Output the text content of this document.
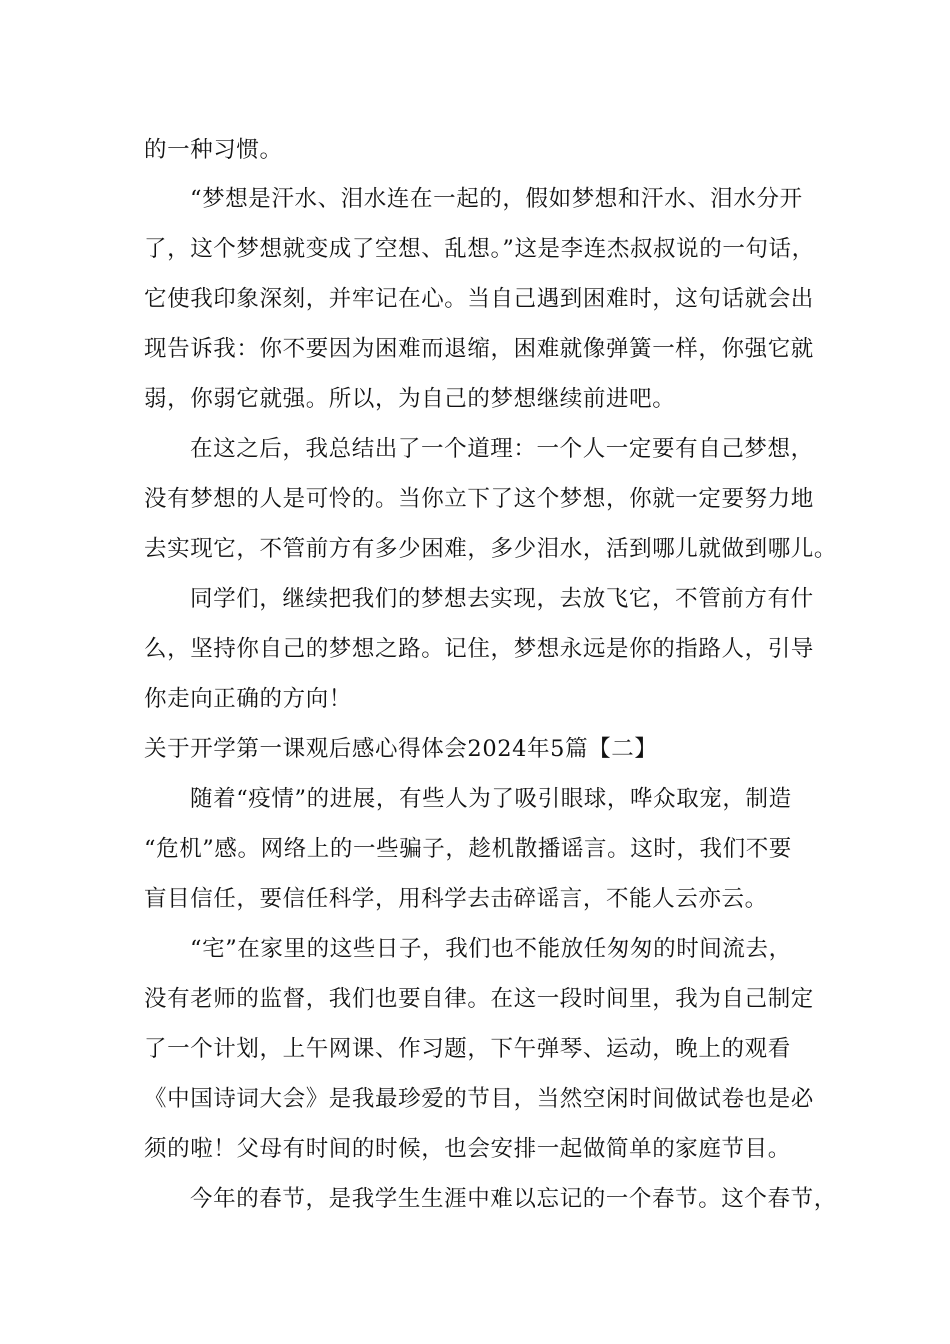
的一种习惯。
“梦想是汗水、泪水连在一起的，假如梦想和汗水、泪水分开
了，这个梦想就变成了空想、乱想。”这是李连杰叔叔说的一句话，
它使我印象深刻，并牢记在心。当自己遇到困难时，这句话就会出
现告诉我：你不要因为困难而退缩，困难就像弹簧一样，你强它就
弱，你弱它就强。所以，为自己的梦想继续前进吧。
在这之后，我总结出了一个道理：一个人一定要有自己梦想，
没有梦想的人是可怜的。当你立下了这个梦想，你就一定要努力地
去实现它，不管前方有多少困难，多少泪水，活到哪儿就做到哪儿。
同学们，继续把我们的梦想去实现，去放飞它，不管前方有什
么，坚持你自己的梦想之路。记住，梦想永远是你的指路人，引导
你走向正确的方向！
关于开学第一课观后感心得体会2024年5篇【二】
随着“疫情”的进展，有些人为了吸引眼球，哗众取宠，制造
“危机”感。网络上的一些骗子，趁机散播谣言。这时，我们不要
盲目信任，要信任科学，用科学去击碎谣言，不能人云亦云。
“宅”在家里的这些日子，我们也不能放任匆匆的时间流去，
没有老师的监督，我们也要自律。在这一段时间里，我为自己制定
了一个计划，上午网课、作习题，下午弹琴、运动，晚上的观看
《中国诗词大会》是我最珍爱的节目，当然空闲时间做试卷也是必
须的啦！父母有时间的时候，也会安排一起做简单的家庭节目。
今年的春节，是我学生生涯中难以忘记的一个春节。这个春节，
